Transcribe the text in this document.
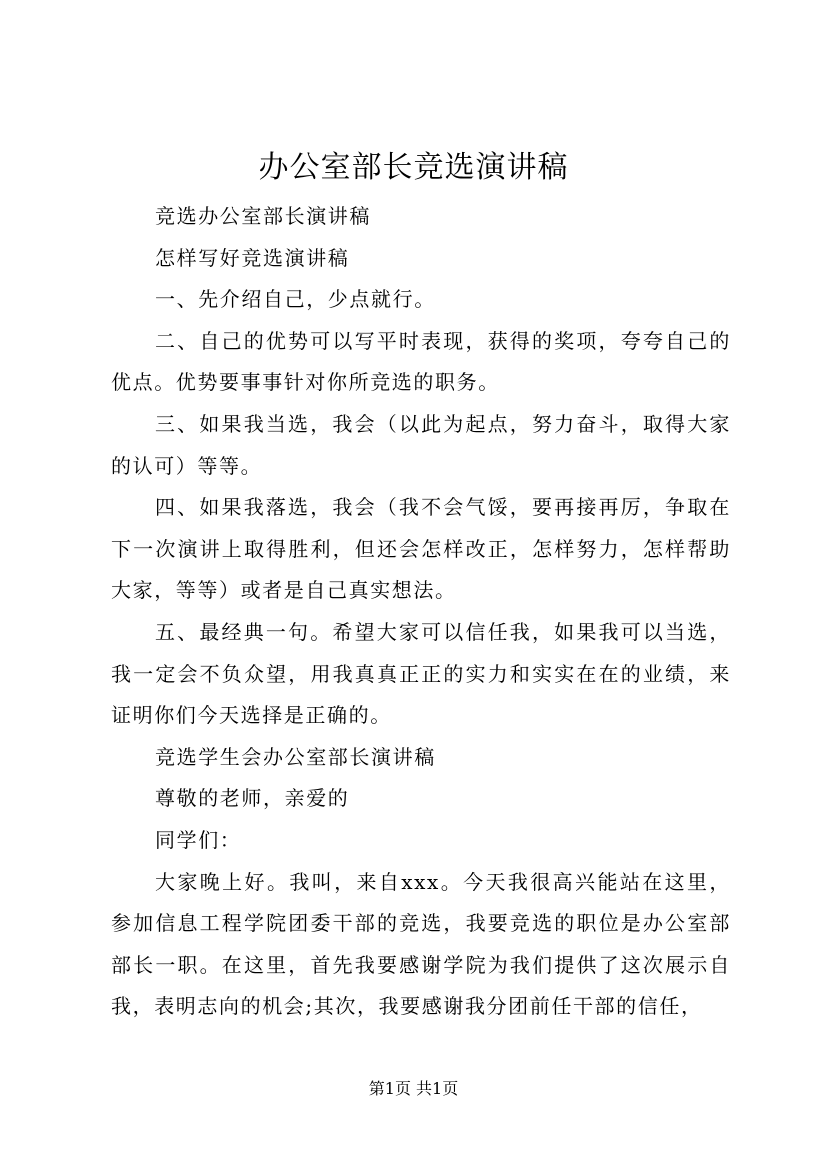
办公室部长竞选演讲稿

竞选办公室部长演讲稿

怎样写好竞选演讲稿

一、先介绍自己，少点就行。

二、自己的优势可以写平时表现，获得的奖项，夸夸自己的优点。优势要事事针对你所竞选的职务。

三、如果我当选，我会（以此为起点，努力奋斗，取得大家的认可）等等。

四、如果我落选，我会（我不会气馁，要再接再厉，争取在下一次演讲上取得胜利，但还会怎样改正，怎样努力，怎样帮助大家，等等）或者是自己真实想法。

五、最经典一句。希望大家可以信任我，如果我可以当选，我一定会不负众望，用我真真正正的实力和实实在在的业绩，来证明你们今天选择是正确的。

竞选学生会办公室部长演讲稿

尊敬的老师，亲爱的

同学们：

大家晚上好。我叫，来自xxx。今天我很高兴能站在这里，参加信息工程学院团委干部的竞选，我要竞选的职位是办公室部部长一职。在这里，首先我要感谢学院为我们提供了这次展示自我，表明志向的机会;其次，我要感谢我分团前任干部的信任，

第1页 共1页
